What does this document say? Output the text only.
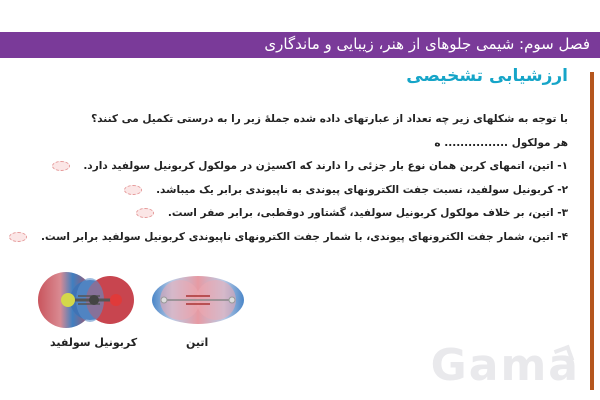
فصل سوم: شیمی جلوهای از هنر، زیبایی و ماندگاری
ارزشیابی تشخیصی
با توجه به شکلهای زیر چه تعداد از عبارتهای داده شده جملهٔ زیر را به درستی تکمیل می کنند؟
هر مولکول ................ ه
۱- اتین، اتمهای کربن همان نوع بار جزئی را دارند که اکسیژن در مولکول کربونیل سولفید دارد.
۲- کربونیل سولفید، نسبت جفت الکترونهای پیوندی به ناپیوندی برابر یک میباشد.
۳- اتین، بر خلاف مولکول کربونیل سولفید، گشتاور دوقطبی، برابر صفر است.
۴- اتین، شمار جفت الکترونهای پیوندی، با شمار جفت الکترونهای ناپیوندی کربونیل سولفید برابر است.
کربونیل سولفید	اتین	Gama
